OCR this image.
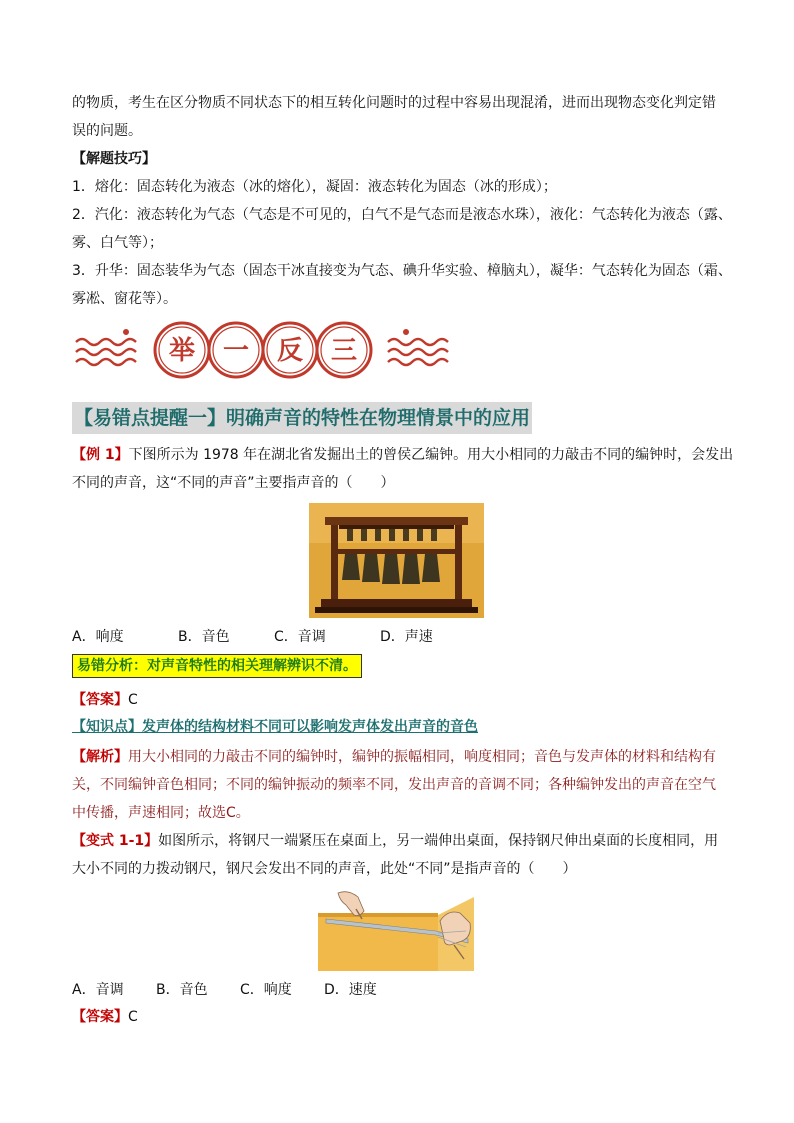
的物质，考生在区分物质不同状态下的相互转化问题时的过程中容易出现混淆，进而出现物态变化判定错

误的问题。

【解题技巧】

1．熔化：固态转化为液态（冰的熔化），凝固：液态转化为固态（冰的形成）；

2．汽化：液态转化为气态（气态是不可见的，白气不是气态而是液态水珠），液化：气态转化为液态（露、

雾、白气等）；

3．升华：固态装华为气态（固态干冰直接变为气态、碘升华实验、樟脑丸），凝华：气态转化为固态（霜、

雾凇、窗花等）。

举 一 反 三
【易错点提醒一】明确声音的特性在物理情景中的应用

【例 1】下图所示为 1978 年在湖北省发掘出土的曾侯乙编钟。用大小相同的力敲击不同的编钟时，会发出

不同的声音，这“不同的声音”主要指声音的（　　）

A．响度	B．音色	C．音调	D．声速

易错分析：对声音特性的相关理解辨识不清。

【答案】C

【知识点】发声体的结构材料不同可以影响发声体发出声音的音色

【解析】用大小相同的力敲击不同的编钟时，编钟的振幅相同，响度相同；音色与发声体的材料和结构有

关，不同编钟音色相同；不同的编钟振动的频率不同，发出声音的音调不同；各种编钟发出的声音在空气

中传播，声速相同；故选C。

【变式 1-1】如图所示，将钢尺一端紧压在桌面上，另一端伸出桌面，保持钢尺伸出桌面的长度相同，用

大小不同的力拨动钢尺，钢尺会发出不同的声音，此处“不同”是指声音的（　　）

A．音调 B．音色 C．响度 D．速度

【答案】C
